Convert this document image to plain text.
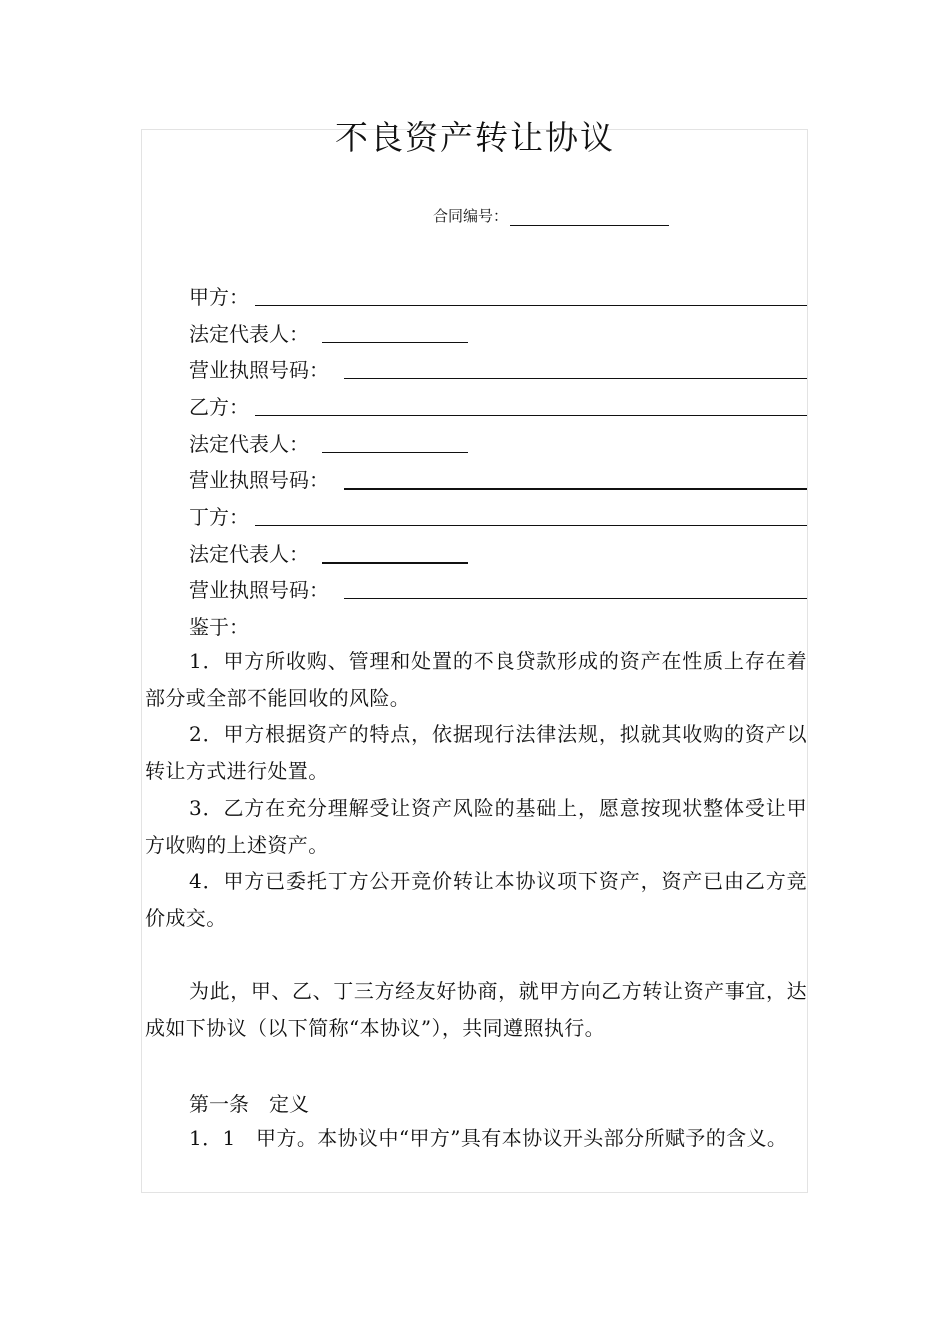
不良资产转让协议
合同编号：
甲方：
法定代表人：
营业执照号码：
乙方：
法定代表人：
营业执照号码：
丁方：
法定代表人：
营业执照号码：
鉴于：
1．甲方所收购、管理和处置的不良贷款形成的资产在性质上存在着部分或全部不能回收的风险。
2．甲方根据资产的特点，依据现行法律法规，拟就其收购的资产以转让方式进行处置。
3．乙方在充分理解受让资产风险的基础上，愿意按现状整体受让甲方收购的上述资产。
4．甲方已委托丁方公开竞价转让本协议项下资产，资产已由乙方竞价成交。
为此，甲、乙、丁三方经友好协商，就甲方向乙方转让资产事宜，达成如下协议（以下简称“本协议”），共同遵照执行。
第一条　定义
1．1　甲方。本协议中“甲方”具有本协议开头部分所赋予的含义。
